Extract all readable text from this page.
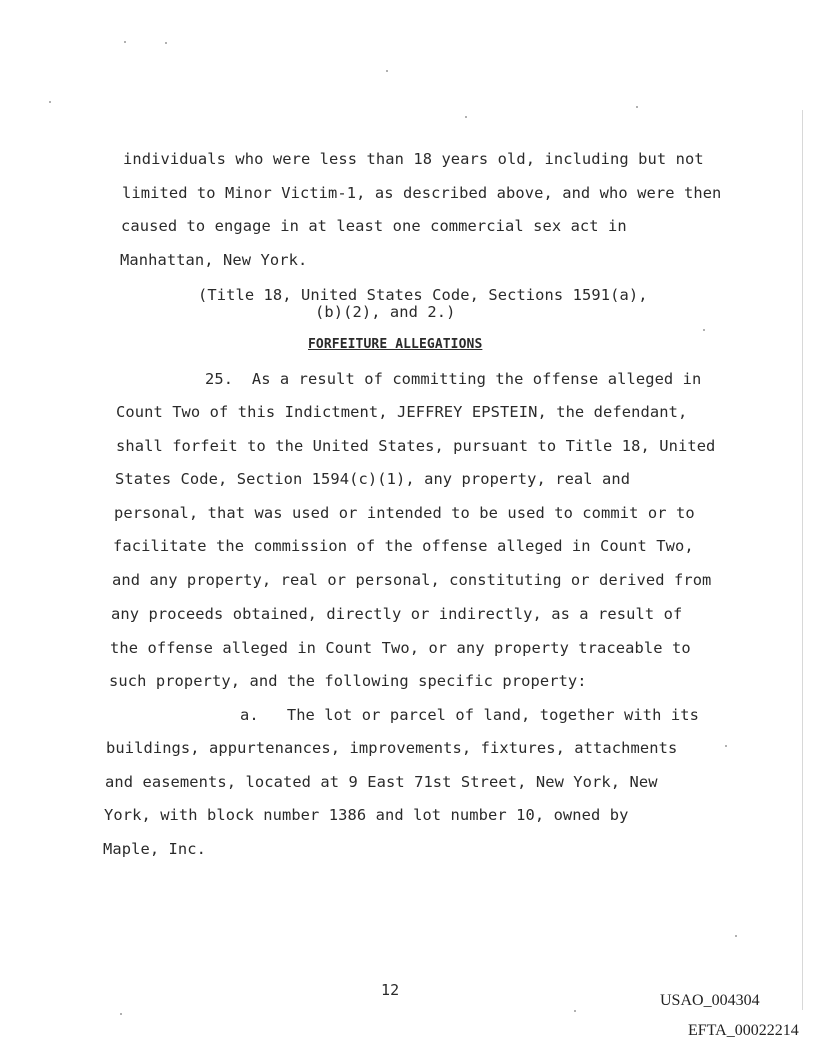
individuals who were less than 18 years old, including but not
limited to Minor Victim-1, as described above, and who were then
caused to engage in at least one commercial sex act in
Manhattan, New York.
(Title 18, United States Code, Sections 1591(a),
(b)(2), and 2.)
FORFEITURE ALLEGATIONS
25.  As a result of committing the offense alleged in
Count Two of this Indictment, JEFFREY EPSTEIN, the defendant,
shall forfeit to the United States, pursuant to Title 18, United
States Code, Section 1594(c)(1), any property, real and
personal, that was used or intended to be used to commit or to
facilitate the commission of the offense alleged in Count Two,
and any property, real or personal, constituting or derived from
any proceeds obtained, directly or indirectly, as a result of
the offense alleged in Count Two, or any property traceable to
such property, and the following specific property:
a.   The lot or parcel of land, together with its
buildings, appurtenances, improvements, fixtures, attachments
and easements, located at 9 East 71st Street, New York, New
York, with block number 1386 and lot number 10, owned by
Maple, Inc.
12
USAO_004304
EFTA_00022214
